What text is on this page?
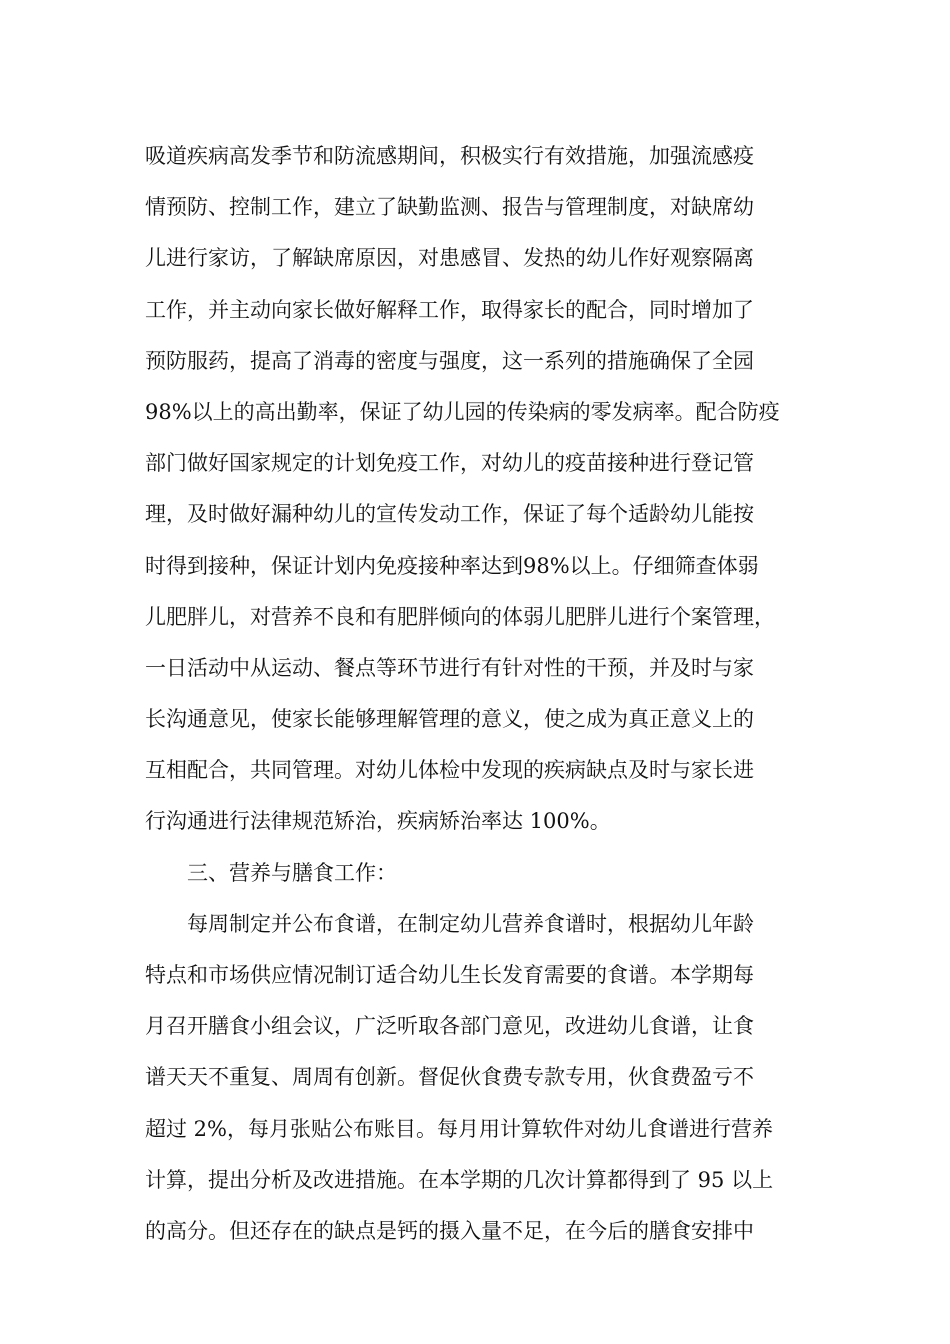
吸道疾病高发季节和防流感期间，积极实行有效措施，加强流感疫
情预防、控制工作，建立了缺勤监测、报告与管理制度，对缺席幼
儿进行家访，了解缺席原因，对患感冒、发热的幼儿作好观察隔离
工作，并主动向家长做好解释工作，取得家长的配合，同时增加了
预防服药，提高了消毒的密度与强度，这一系列的措施确保了全园
98%以上的高出勤率，保证了幼儿园的传染病的零发病率。配合防疫
部门做好国家规定的计划免疫工作，对幼儿的疫苗接种进行登记管
理，及时做好漏种幼儿的宣传发动工作，保证了每个适龄幼儿能按
时得到接种，保证计划内免疫接种率达到98%以上。仔细筛查体弱
儿肥胖儿，对营养不良和有肥胖倾向的体弱儿肥胖儿进行个案管理，
一日活动中从运动、餐点等环节进行有针对性的干预，并及时与家
长沟通意见，使家长能够理解管理的意义，使之成为真正意义上的
互相配合，共同管理。对幼儿体检中发现的疾病缺点及时与家长进
行沟通进行法律规范矫治，疾病矫治率达 100%。
三、营养与膳食工作：
每周制定并公布食谱，在制定幼儿营养食谱时，根据幼儿年龄
特点和市场供应情况制订适合幼儿生长发育需要的食谱。本学期每
月召开膳食小组会议，广泛听取各部门意见，改进幼儿食谱，让食
谱天天不重复、周周有创新。督促伙食费专款专用，伙食费盈亏不
超过 2%，每月张贴公布账目。每月用计算软件对幼儿食谱进行营养
计算，提出分析及改进措施。在本学期的几次计算都得到了 95 以上
的高分。但还存在的缺点是钙的摄入量不足，在今后的膳食安排中
